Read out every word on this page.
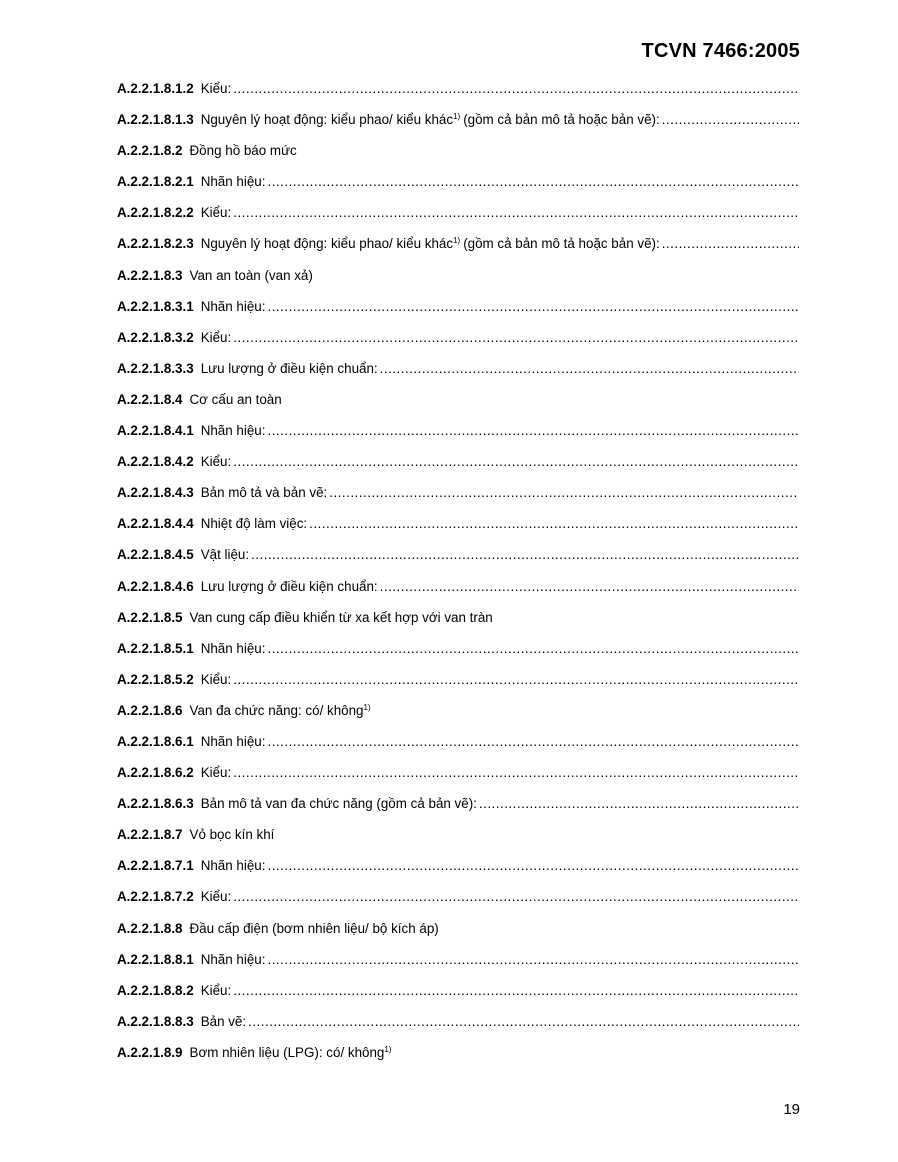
TCVN 7466:2005
A.2.2.1.8.1.2 Kiểu:
.....
A.2.2.1.8.1.3 Nguyên lý hoạt động: kiểu phao/ kiểu khác$^{1)}$ (gồm cả bản mô tả hoặc bản vẽ):
.....
A.2.2.1.8.2 Đồng hồ báo mức
A.2.2.1.8.2.1 Nhãn hiệu:
.....
A.2.2.1.8.2.2 Kiểu:
.....
A.2.2.1.8.2.3 Nguyên lý hoạt động: kiểu phao/ kiểu khác$^{1)}$ (gồm cả bản mô tả hoặc bản vẽ):
.....
A.2.2.1.8.3 Van an toàn (van xả)
A.2.2.1.8.3.1 Nhãn hiệu:
.....
A.2.2.1.8.3.2 Kiểu:
.....
A.2.2.1.8.3.3 Lưu lượng ở điều kiện chuẩn:
.....
A.2.2.1.8.4 Cơ cấu an toàn
A.2.2.1.8.4.1 Nhãn hiệu:
.....
A.2.2.1.8.4.2 Kiểu:
.....
A.2.2.1.8.4.3 Bản mô tả và bản vẽ:
.....
A.2.2.1.8.4.4 Nhiệt độ làm việc:
.....
A.2.2.1.8.4.5 Vật liệu:
.....
A.2.2.1.8.4.6 Lưu lượng ở điều kiện chuẩn:
.....
A.2.2.1.8.5 Van cung cấp điều khiển từ xa kết hợp với van tràn
A.2.2.1.8.5.1 Nhãn hiệu:
.....
A.2.2.1.8.5.2 Kiểu:
.....
A.2.2.1.8.6 Van đa chức năng: có/ không$^{1)}$
A.2.2.1.8.6.1 Nhãn hiệu:
.....
A.2.2.1.8.6.2 Kiểu:
.....
A.2.2.1.8.6.3 Bản mô tả van đa chức năng (gồm cả bản vẽ):
.....
A.2.2.1.8.7 Vỏ bọc kín khí
A.2.2.1.8.7.1 Nhãn hiệu:
.....
A.2.2.1.8.7.2 Kiểu:
.....
A.2.2.1.8.8 Đầu cấp điện (bơm nhiên liệu/ bộ kích áp)
A.2.2.1.8.8.1 Nhãn hiệu:
.....
A.2.2.1.8.8.2 Kiểu:
.....
A.2.2.1.8.8.3 Bản vẽ:
.....
A.2.2.1.8.9 Bơm nhiên liệu (LPG): có/ không$^{1)}$
19
